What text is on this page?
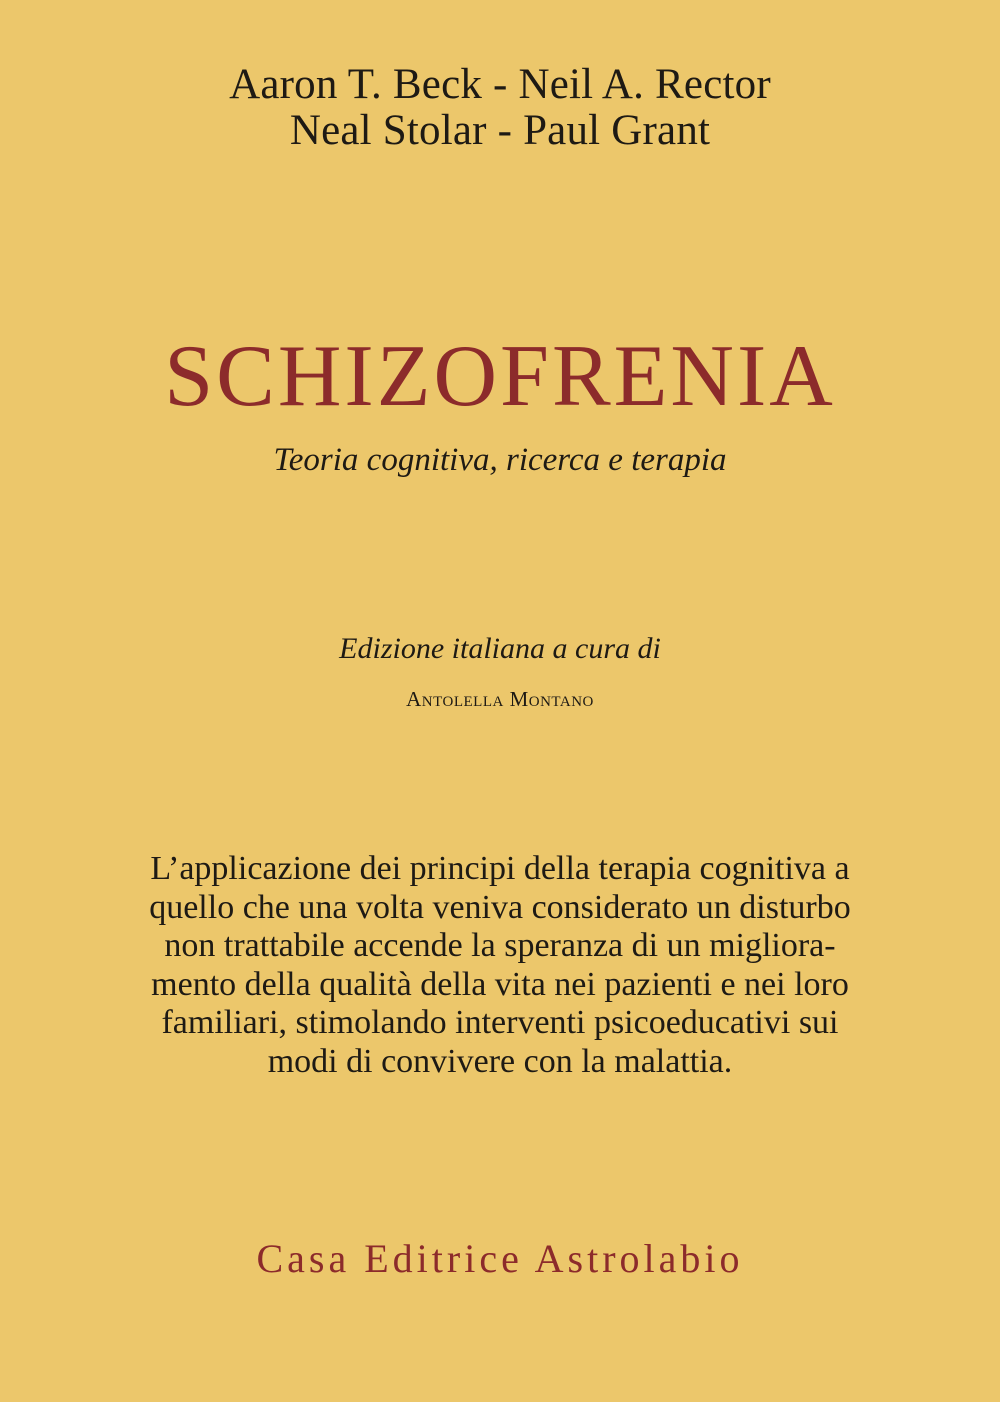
Aaron T. Beck - Neil A. Rector
Neal Stolar - Paul Grant
SCHIZOFRENIA
Teoria cognitiva, ricerca e terapia
Edizione italiana a cura di
Antolella Montano
L’applicazione dei principi della terapia cognitiva a
quello che una volta veniva considerato un disturbo
non trattabile accende la speranza di un migliora-
mento della qualità della vita nei pazienti e nei loro
familiari, stimolando interventi psicoeducativi sui
modi di convivere con la malattia.
Casa Editrice Astrolabio
